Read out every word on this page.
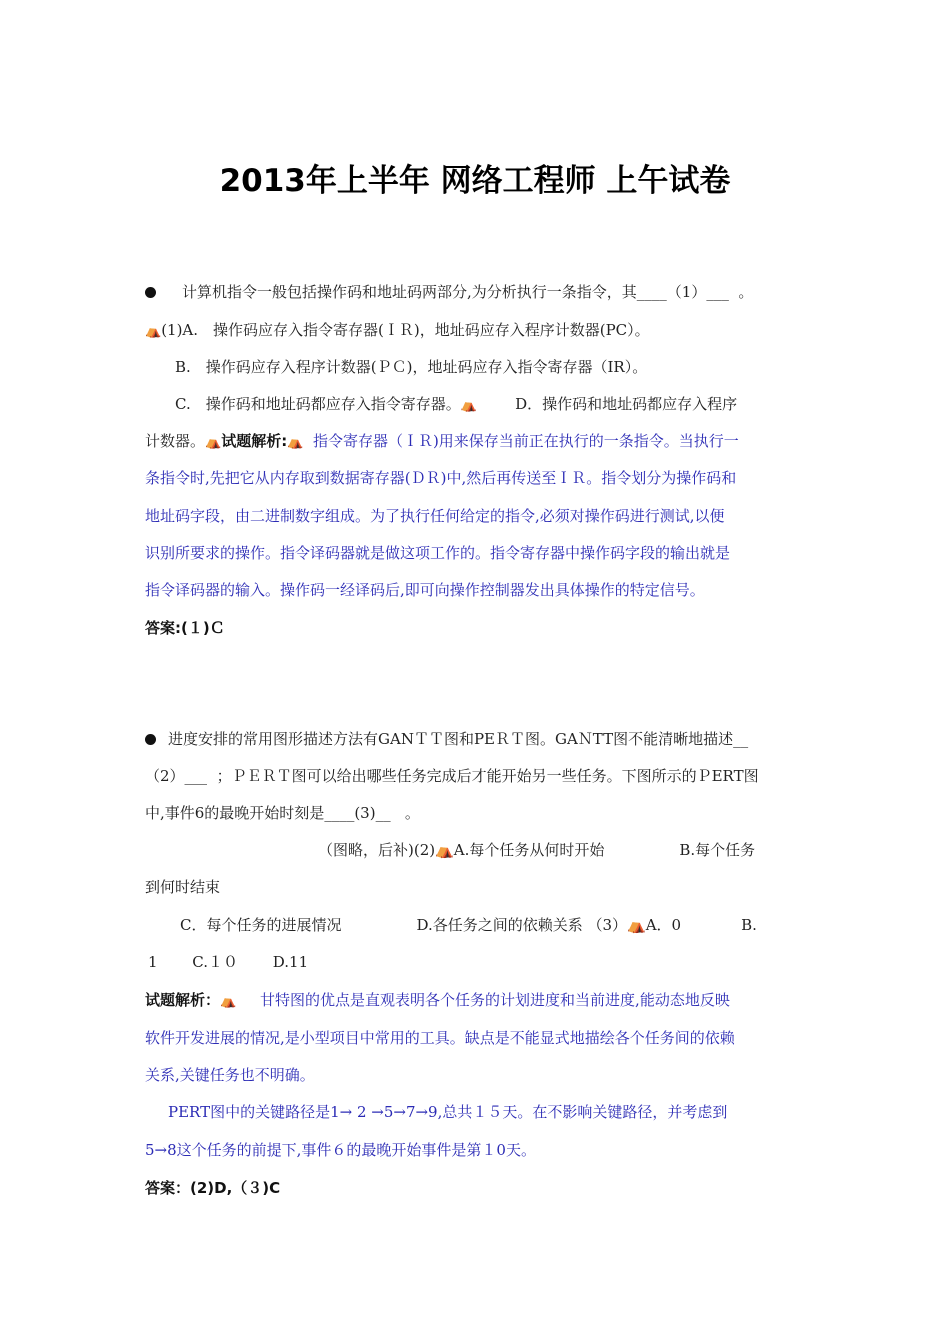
2013年上半年 网络工程师 上午试卷
计算机指令一般包括操作码和地址码两部分,为分析执行一条指令，其____（1）___ 。
⛺(1)A.　操作码应存入指令寄存器(ＩＲ)，地址码应存入程序计数器(PC）。
B.　操作码应存入程序计数器(ＰＣ)，地址码应存入指令寄存器（IR）。
C.　操作码和地址码都应存入指令寄存器。⛺	D．操作码和地址码都应存入程序
计数器。⛺试题解析:⛺ 指令寄存器（ＩＲ)用来保存当前正在执行的一条指令。当执行一
条指令时,先把它从内存取到数据寄存器(ＤＲ)中,然后再传送至ＩＲ。指令划分为操作码和
地址码字段，由二进制数字组成。为了执行任何给定的指令,必须对操作码进行测试,以便
识别所要求的操作。指令译码器就是做这项工作的。指令寄存器中操作码字段的输出就是
指令译码器的输入。操作码一经译码后,即可向操作控制器发出具体操作的特定信号。
答案:(１)Ｃ
进度安排的常用图形描述方法有GANＴＴ图和PEＲＴ图。GAＮTT图不能清晰地描述__
（2）___ ；ＰＥＲＴ图可以给出哪些任务完成后才能开始另一些任务。下图所示的ＰERT图
中,事件6的最晚开始时刻是____(3)__ 。
（图略，后补)(2)⛺A.每个任务从何时开始　　　　　B.每个任务
到何时结束
C．每个任务的进展情况　　　　　D.各任务之间的依赖关系 （3）⛺A．0　　　　B.
1　　 C.１０　　 D.11
试题解析：⛺ 甘特图的优点是直观表明各个任务的计划进度和当前进度,能动态地反映
软件开发进展的情况,是小型项目中常用的工具。缺点是不能显式地描绘各个任务间的依赖
关系,关键任务也不明确。
PERT图中的关键路径是1→ 2 →5→7→9,总共１５天。在不影响关键路径，并考虑到
5→8这个任务的前提下,事件６的最晚开始事件是第１0天。
答案：(2)D,（３)C
